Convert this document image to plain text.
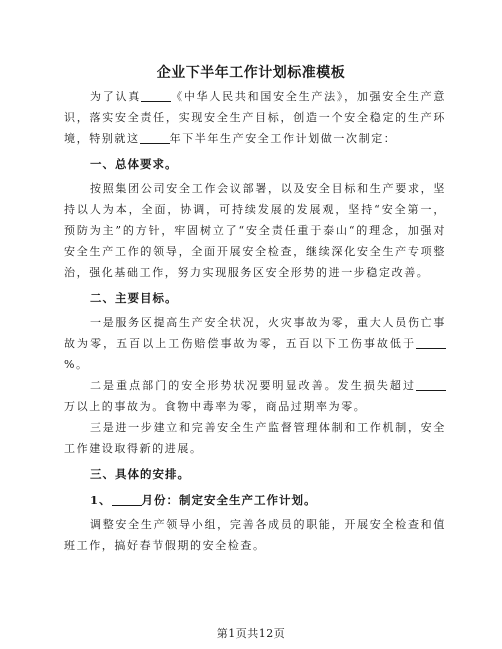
企业下半年工作计划标准模板

为了认真	《中华人民共和国安全生产法》，加强安全生产意识，落实安全责任，实现安全生产目标，创造一个安全稳定的生产环境，特别就这	年下半年生产安全工作计划做一次制定：

一、总体要求。

按照集团公司安全工作会议部署，以及安全目标和生产要求，坚持以人为本，全面，协调，可持续发展的发展观，坚持“安全第一，预防为主”的方针，牢固树立了“安全责任重于泰山“的理念，加强对安全生产工作的领导，全面开展安全检查，继续深化安全生产专项整治，强化基础工作，努力实现服务区安全形势的进一步稳定改善。

二、主要目标。

一是服务区提高生产安全状况，火灾事故为零，重大人员伤亡事故为零，五百以上工伤赔偿事故为零，五百以下工伤事故低于%。

二是重点部门的安全形势状况要明显改善。发生损失超过万以上的事故为。食物中毒率为零，商品过期率为零。

三是进一步建立和完善安全生产监督管理体制和工作机制，安全工作建设取得新的进展。

三、具体的安排。

1、	月份：制定安全生产工作计划。

调整安全生产领导小组，完善各成员的职能，开展安全检查和值班工作，搞好春节假期的安全检查。

第1页共12页
